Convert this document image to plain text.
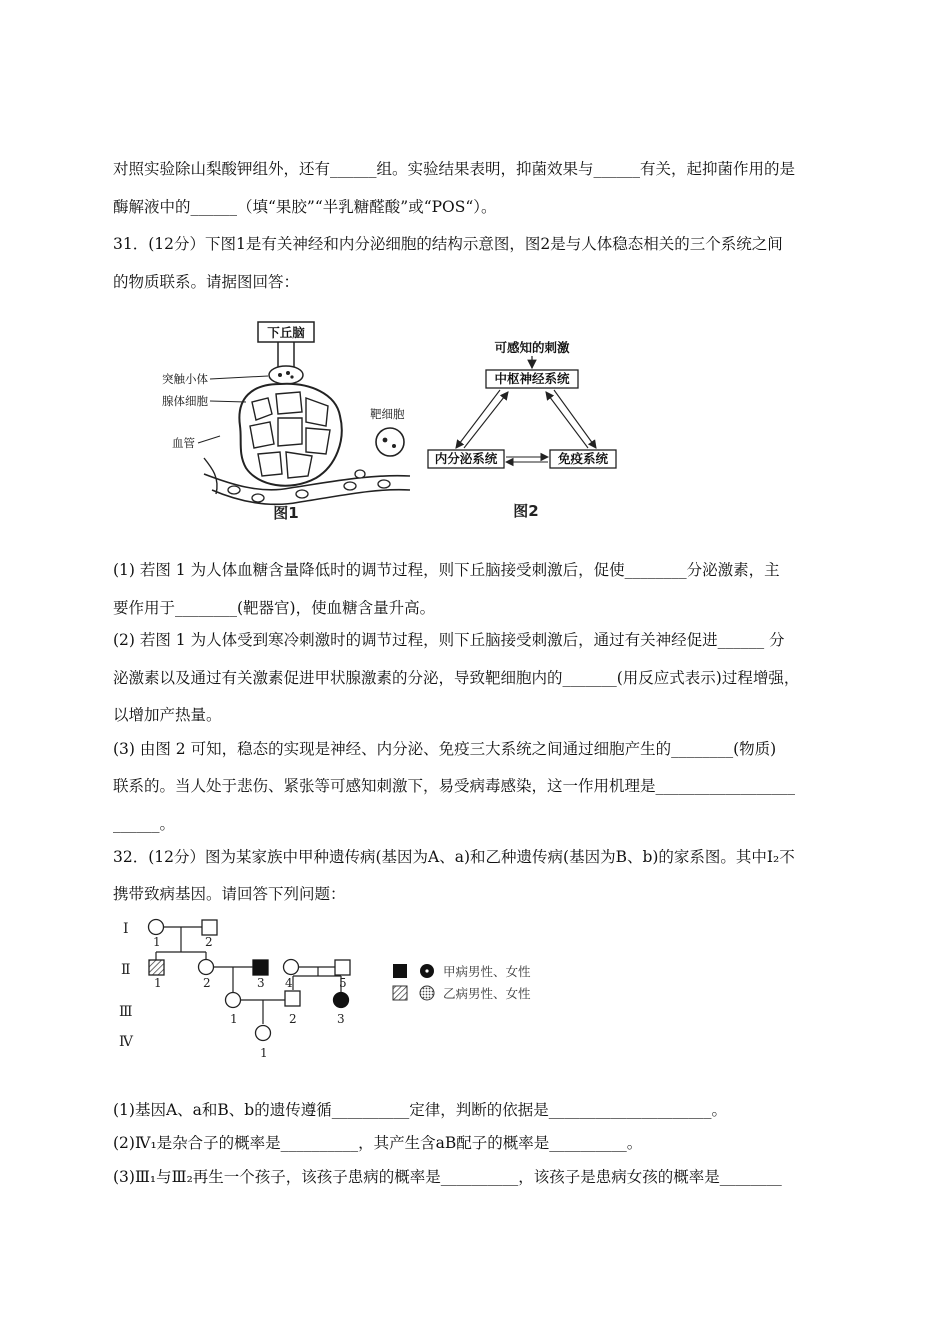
对照实验除山梨酸钾组外，还有______组。实验结果表明，抑菌效果与______有关，起抑菌作用的是
酶解液中的______（填“果胶”“半乳糖醛酸”或“POS“）。
31．(12分）下图1是有关神经和内分泌细胞的结构示意图，图2是与人体稳态相关的三个系统之间
的物质联系。请据图回答：
下丘脑
突触小体
腺体细胞
血管
靶细胞
图1
可感知的刺激
中枢神经系统
内分泌系统	免疫系统
图2
(1) 若图 1 为人体血糖含量降低时的调节过程，则下丘脑接受刺激后，促使________分泌激素，主
要作用于________(靶器官)，使血糖含量升高。
(2) 若图 1 为人体受到寒冷刺激时的调节过程，则下丘脑接受刺激后，通过有关神经促进______ 分
泌激素以及通过有关激素促进甲状腺激素的分泌，导致靶细胞内的_______(用反应式表示)过程增强，
以增加产热量。
(3) 由图 2 可知，稳态的实现是神经、内分泌、免疫三大系统之间通过细胞产生的________(物质)
联系的。当人处于悲伤、紧张等可感知刺激下，易受病毒感染，这一作用机理是__________________
______。
32．(12分）图为某家族中甲种遗传病(基因为A、a)和乙种遗传病(基因为B、b)的家系图。其中Ⅰ₂不
携带致病基因。请回答下列问题：
Ⅰ
Ⅱ
Ⅲ
Ⅳ
1	2
1	2	3 4	5
1	2	3
1
甲病男性、女性
乙病男性、女性
(1)基因A、a和B、b的遗传遵循__________定律，判断的依据是_____________________。
(2)Ⅳ₁是杂合子的概率是__________，其产生含aB配子的概率是__________。
(3)Ⅲ₁与Ⅲ₂再生一个孩子，该孩子患病的概率是__________，该孩子是患病女孩的概率是________
